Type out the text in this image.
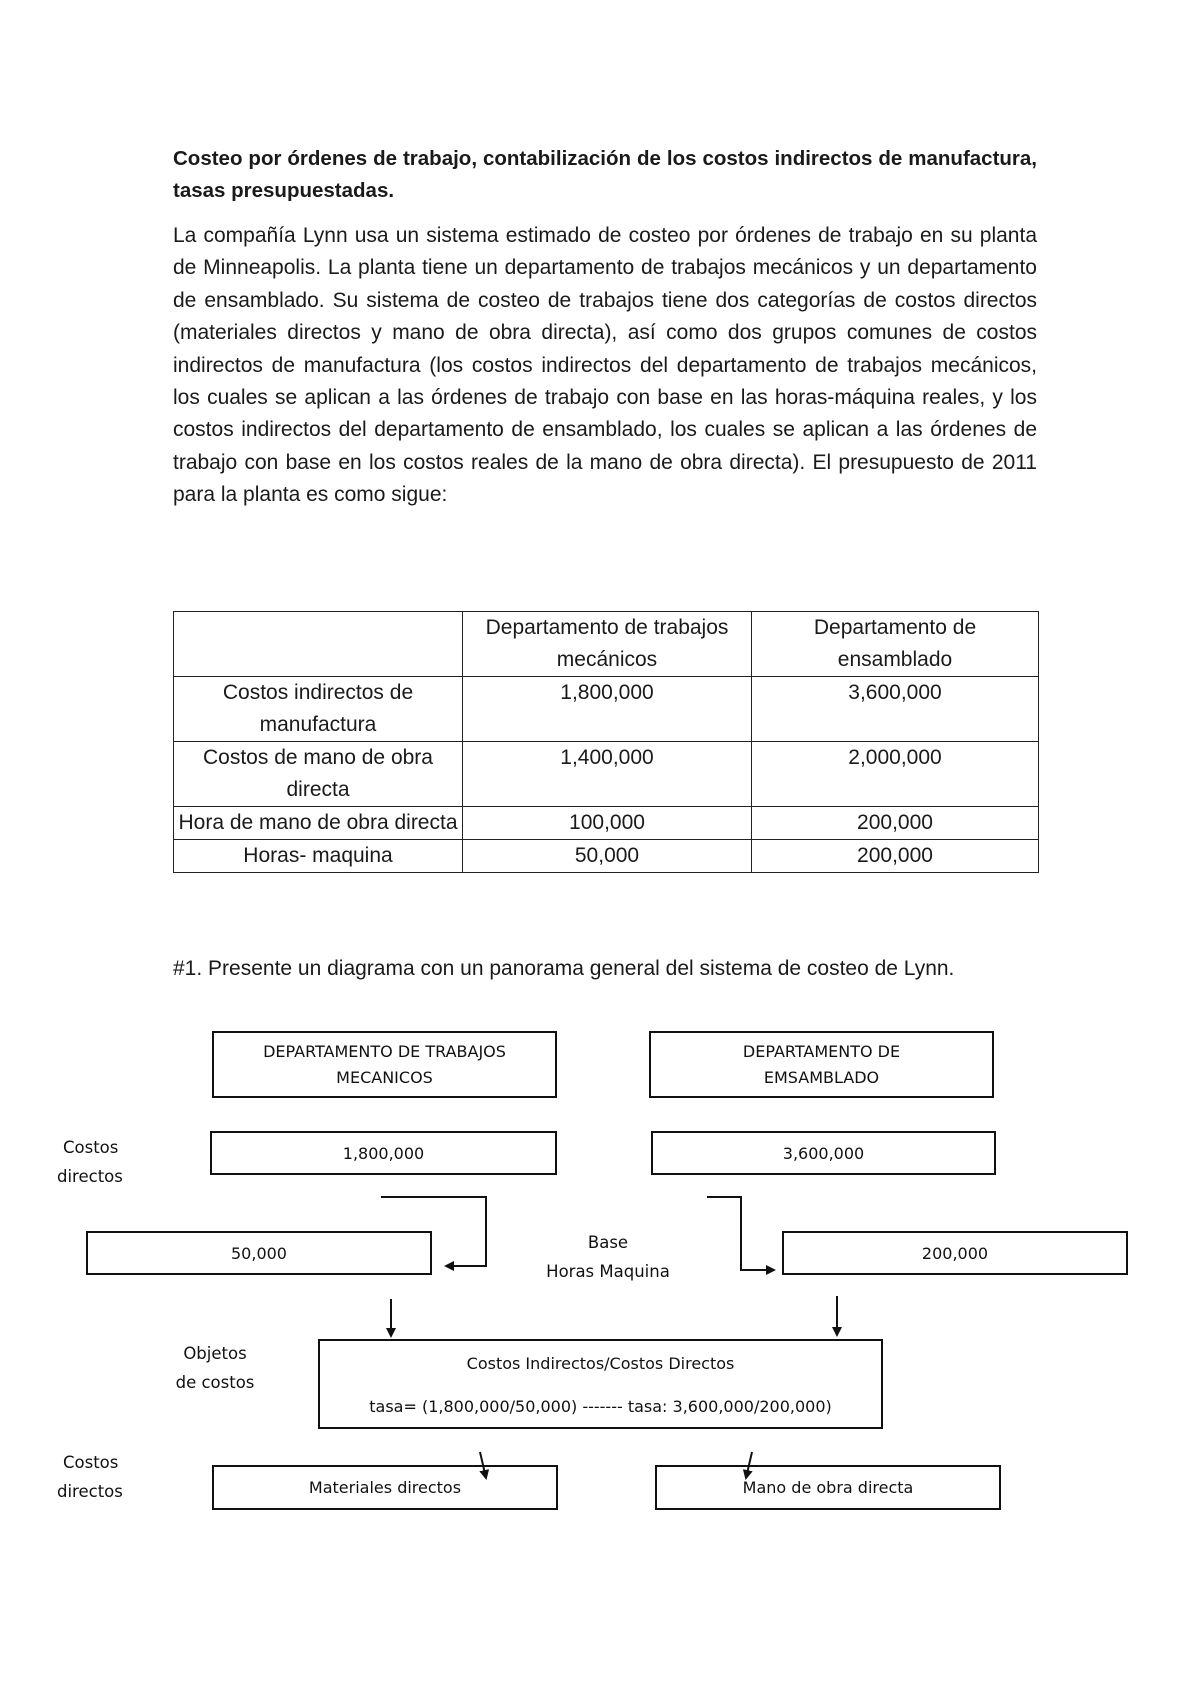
Costeo por órdenes de trabajo, contabilización de los costos indirectos de manufactura, tasas presupuestadas.
La compañía Lynn usa un sistema estimado de costeo por órdenes de trabajo en su planta de Minneapolis. La planta tiene un departamento de trabajos mecánicos y un departamento de ensamblado. Su sistema de costeo de trabajos tiene dos categorías de costos directos (materiales directos y mano de obra directa), así como dos grupos comunes de costos indirectos de manufactura (los costos indirectos del departamento de trabajos mecánicos, los cuales se aplican a las órdenes de trabajo con base en las horas-máquina reales, y los costos indirectos del departamento de ensamblado, los cuales se aplican a las órdenes de trabajo con base en los costos reales de la mano de obra directa). El presupuesto de 2011 para la planta es como sigue:
	Departamento de trabajos mecánicos	Departamento de ensamblado
Costos indirectos de manufactura	1,800,000	3,600,000
Costos de mano de obra directa	1,400,000	2,000,000
Hora de mano de obra directa	100,000	200,000
Horas- maquina	50,000	200,000
#1. Presente un diagrama con un panorama general del sistema de costeo de Lynn.
DEPARTAMENTO DE TRABAJOS
MECANICOS
DEPARTAMENTO DE
EMSAMBLADO
Costos
directos
1,800,000	3,600,000
50,000	200,000
Base
Horas Maquina
Objetos
de costos
Costos Indirectos/Costos Directos
tasa= (1,800,000/50,000) ------- tasa: 3,600,000/200,000)
Costos
directos	Materiales directos	Mano de obra directa
